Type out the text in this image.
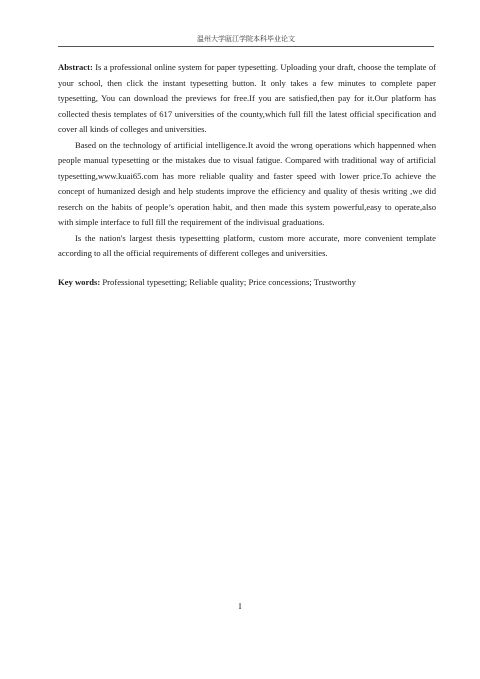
温州大学瓯江学院本科毕业论文

Abstract: Is a professional online system for paper typesetting. Uploading your draft, choose the template of your school, then click the instant typesetting button. It only takes a few minutes to complete paper typesetting, You can download the previews for free.If you are satisfied,then pay for it.Our platform has collected thesis templates of 617 universities of the county,which full fill the latest official specification and cover all kinds of colleges and universities.

Based on the technology of artificial intelligence.It avoid the wrong operations which happenned when people manual typesetting or the mistakes due to visual fatigue. Compared with traditional way of artificial typesetting,www.kuai65.com has more reliable quality and faster speed with lower price.To achieve the concept of humanized desigh and help students improve the efficiency and quality of thesis writing ,we did reserch on the habits of people’s operation habit, and then made this system powerful,easy to operate,also with simple interface to full fill the requirement of the indivisual graduations.

Is the nation's largest thesis typesettting platform, custom more accurate, more convenient template according to all the official requirements of different colleges and universities.

Key words: Professional typesetting; Reliable quality; Price concessions; Trustworthy

I
